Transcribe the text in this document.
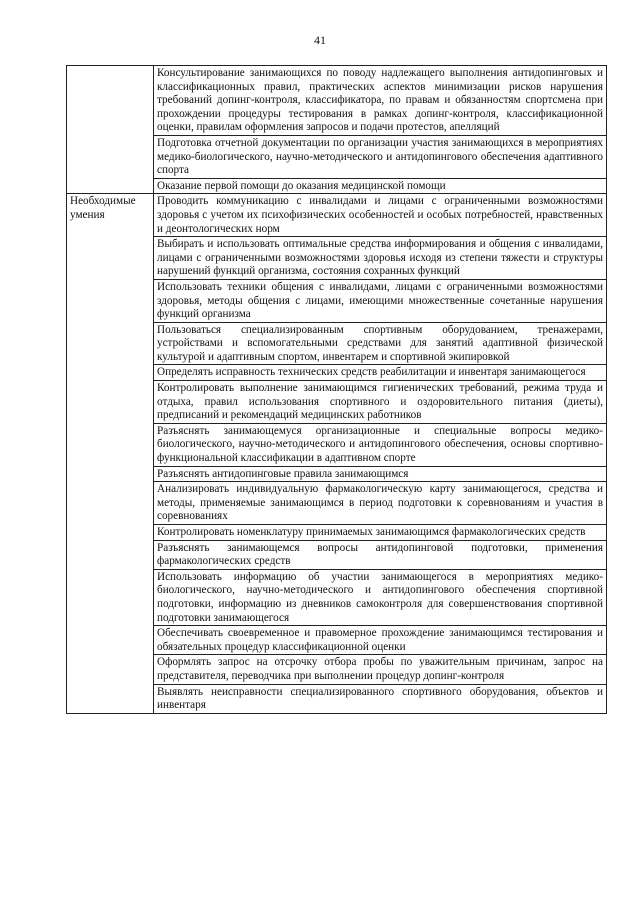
41
	Консультирование занимающихся по поводу надлежащего выполнения антидопинговых и классификационных правил, практических аспектов минимизации рисков нарушения требований допинг-контроля, классификатора, по правам и обязанностям спортсмена при прохождении процедуры тестирования в рамках допинг-контроля, классификационной оценки, правилам оформления запросов и подачи протестов, апелляций
	Подготовка отчетной документации по организации участия занимающихся в мероприятиях медико-биологического, научно-методического и антидопингового обеспечения адаптивного спорта
	Оказание первой помощи до оказания медицинской помощи
Необходимые умения	Проводить коммуникацию с инвалидами и лицами с ограниченными возможностями здоровья с учетом их психофизических особенностей и особых потребностей, нравственных и деонтологических норм
	Выбирать и использовать оптимальные средства информирования и общения с инвалидами, лицами с ограниченными возможностями здоровья исходя из степени тяжести и структуры нарушений функций организма, состояния сохранных функций
	Использовать техники общения с инвалидами, лицами с ограниченными возможностями здоровья, методы общения с лицами, имеющими множественные сочетанные нарушения функций организма
	Пользоваться специализированным спортивным оборудованием, тренажерами, устройствами и вспомогательными средствами для занятий адаптивной физической культурой и адаптивным спортом, инвентарем и спортивной экипировкой
	Определять исправность технических средств реабилитации и инвентаря занимающегося
	Контролировать выполнение занимающимся гигиенических требований, режима труда и отдыха, правил использования спортивного и оздоровительного питания (диеты), предписаний и рекомендаций медицинских работников
	Разъяснять занимающемуся организационные и специальные вопросы медико-биологического, научно-методического и антидопингового обеспечения, основы спортивно-функциональной классификации в адаптивном спорте
	Разъяснять антидопинговые правила занимающимся
	Анализировать индивидуальную фармакологическую карту занимающегося, средства и методы, применяемые занимающимся в период подготовки к соревнованиям и участия в соревнованиях
	Контролировать номенклатуру принимаемых занимающимся фармакологических средств
	Разъяснять занимающемся вопросы антидопинговой подготовки, применения фармакологических средств
	Использовать информацию об участии занимающегося в мероприятиях медико-биологического, научно-методического и антидопингового обеспечения спортивной подготовки, информацию из дневников самоконтроля для совершенствования спортивной подготовки занимающегося
	Обеспечивать своевременное и правомерное прохождение занимающимся тестирования и обязательных процедур классификационной оценки
	Оформлять запрос на отсрочку отбора пробы по уважительным причинам, запрос на представителя, переводчика при выполнении процедур допинг-контроля
	Выявлять неисправности специализированного спортивного оборудования, объектов и инвентаря
